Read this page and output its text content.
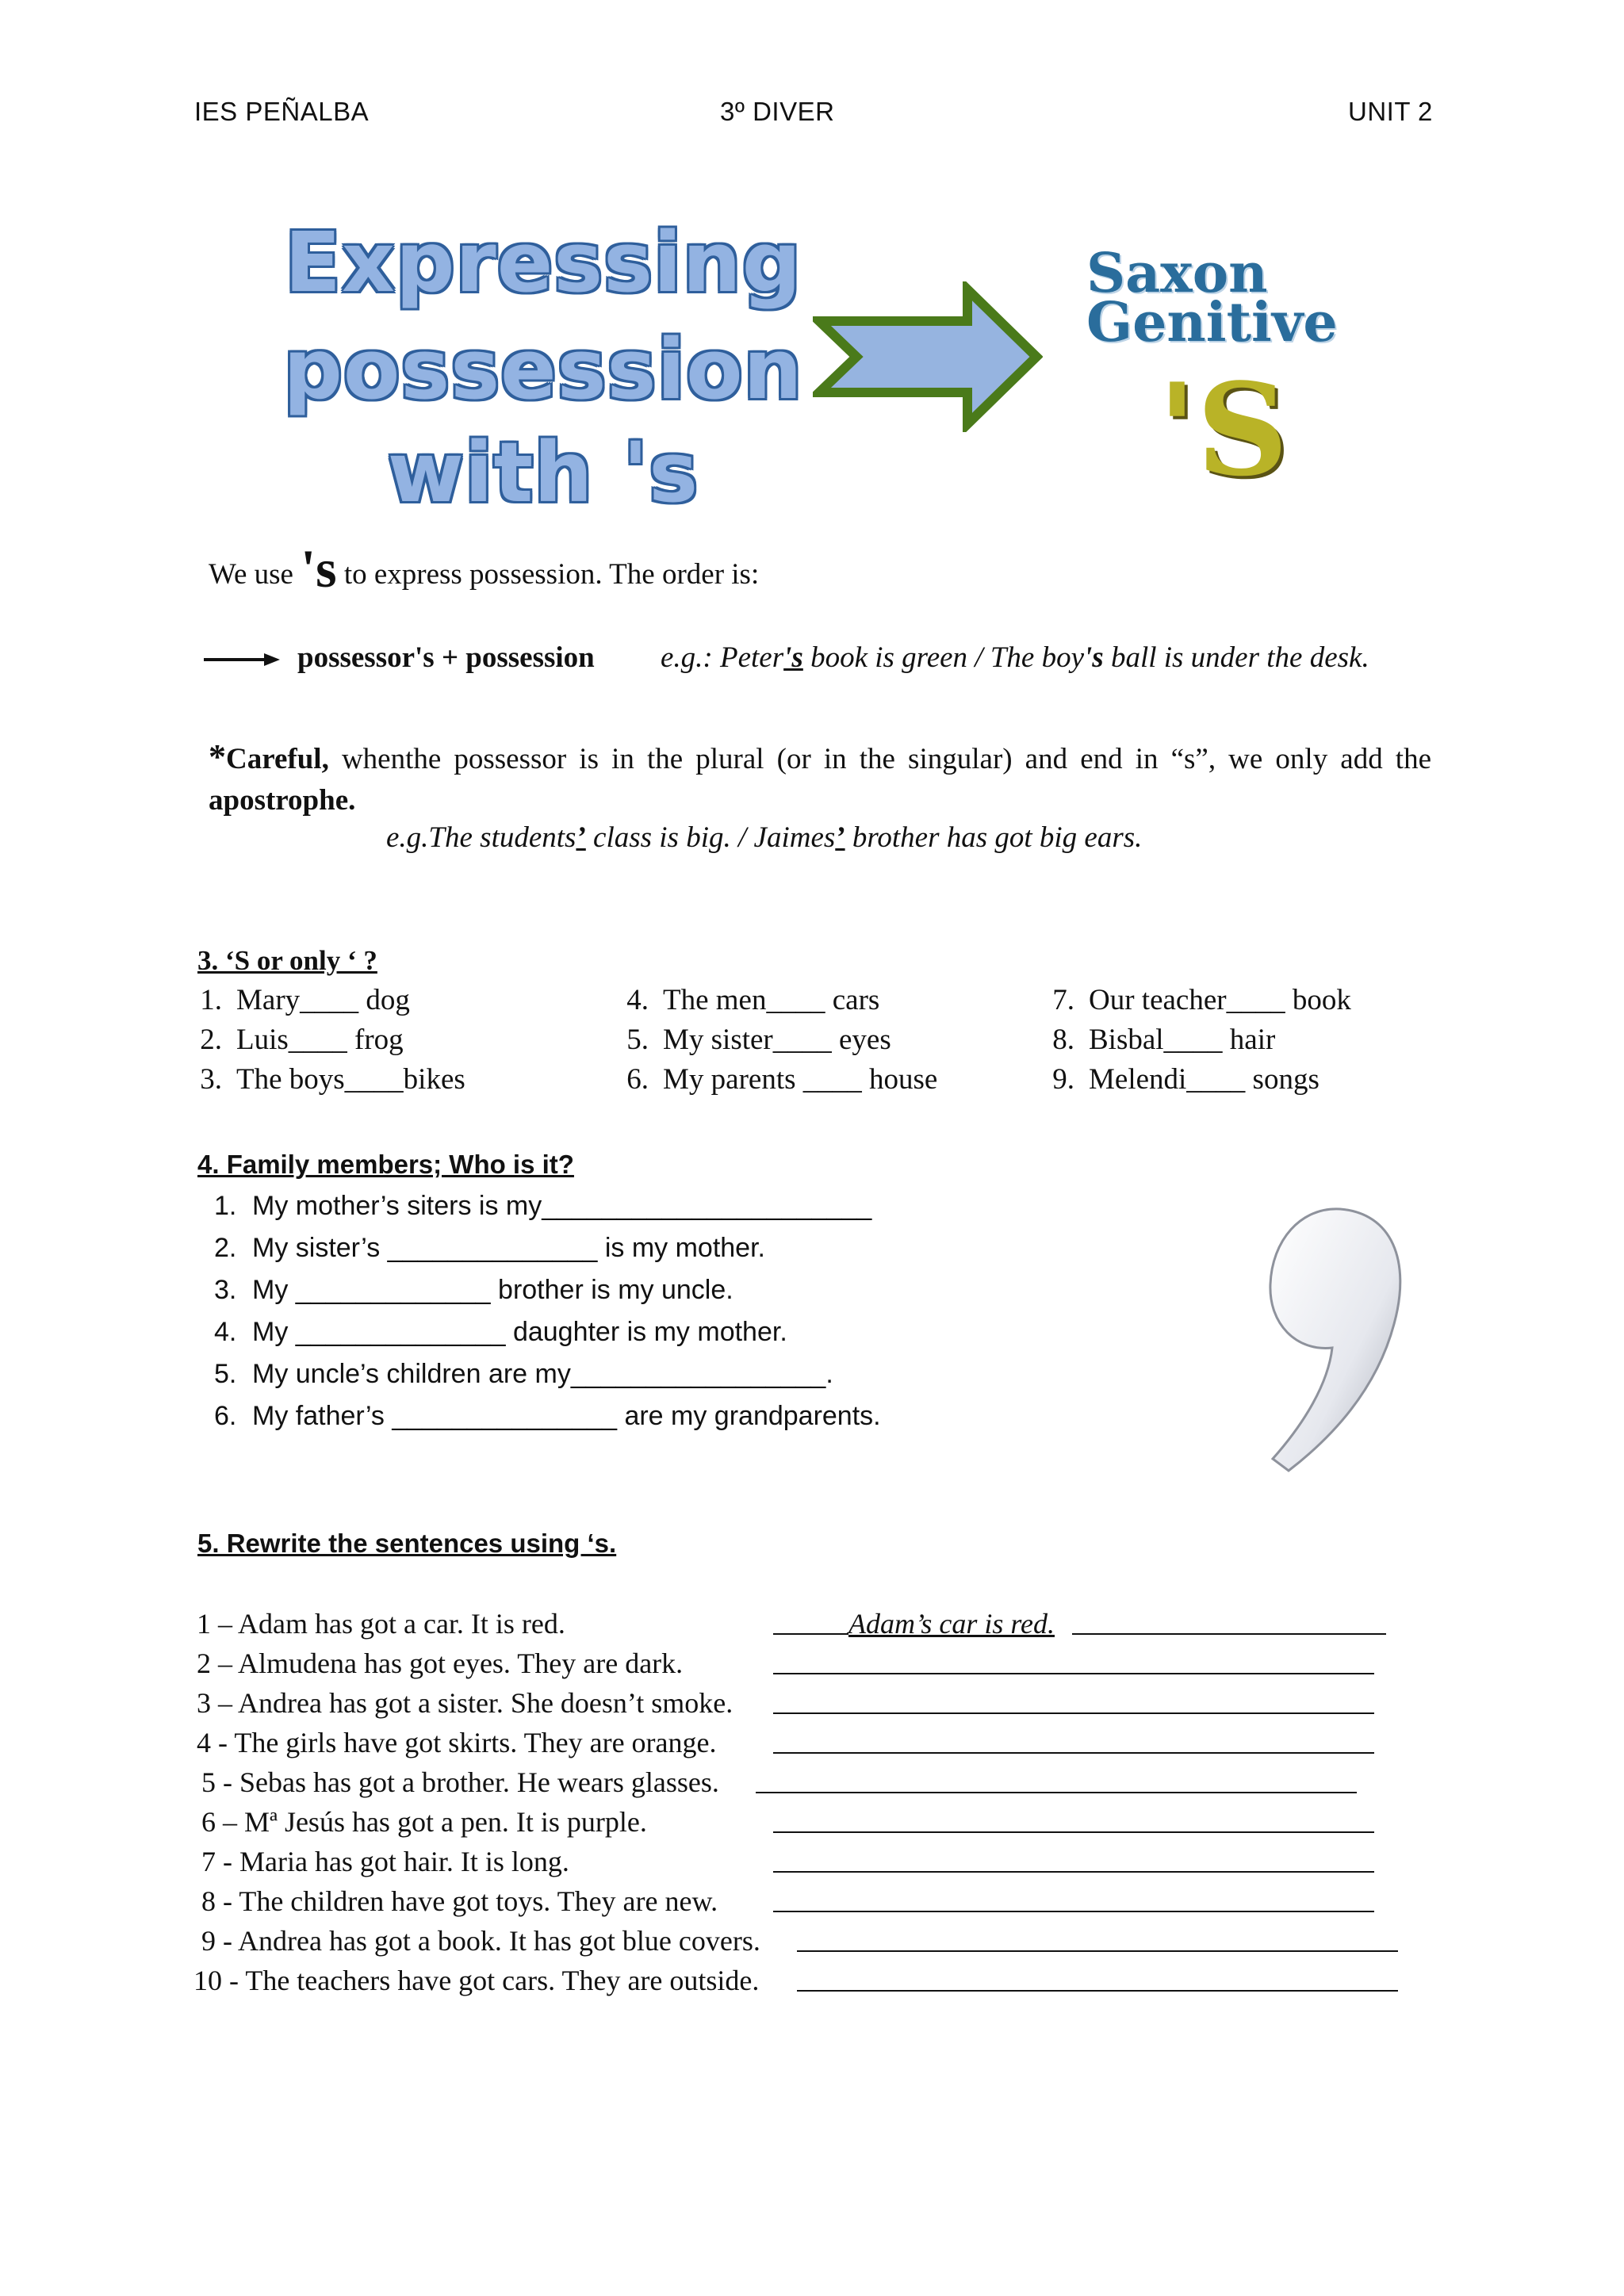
IES PEÑALBA	3º DIVER	UNIT 2
Expressing
possession
with 's
Saxon
Genitive
'S
We use 's to express possession. The order is:
possessor's + possession e.g.: Peter's book is green / The boy's ball is under the desk.
*Careful, whenthe possessor is in the plural (or in the singular) and end in “s”, we only add the
apostrophe.
e.g.The students’ class is big. / Jaimes’ brother has got big ears.
3. ‘S or only ‘ ?
1. Mary____ dog
2. Luis____ frog
3. The boys____bikes
4. The men____ cars
5. My sister____ eyes
6. My parents ____ house
7. Our teacher____ book
8. Bisbal____ hair
9. Melendi____ songs
4. Family members; Who is it?
1. My mother’s siters is my______________________
2. My sister’s ______________ is my mother.
3. My _____________ brother is my uncle.
4. My ______________ daughter is my mother.
5. My uncle’s children are my_________________.
6. My father’s _______________ are my grandparents.
5. Rewrite the sentences using ‘s.
1 – Adam has got a car. It is red.
2 – Almudena has got eyes. They are dark.
3 – Andrea has got a sister. She doesn’t smoke.
4 - The girls have got skirts. They are orange.
5 - Sebas has got a brother. He wears glasses.
6 – Mª Jesús has got a pen. It is purple.
7 - Maria has got hair. It is long.
8 - The children have got toys. They are new.
9 - Andrea has got a book. It has got blue covers.
10 - The teachers have got cars. They are outside.
Adam’s car is red.
